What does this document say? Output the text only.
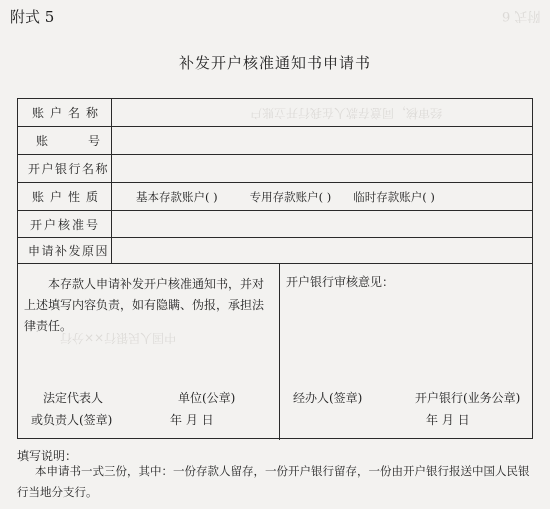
附式 6
经审核，同意存款人在我行开立账户
中国人民银行××分行
附式 5
补发开户核准通知书申请书
账户名称
账号
开户银行名称
账户性质	基本存款账户( )	专用存款账户( ) 临时存款账户( )
开户核准号
申请补发原因
本存款人申请补发开户核准通知书，并对上述填写内容负责，如有隐瞒、伪报，承担法律责任。
法定代表人	单位(公章)
或负责人(签章)	年 月 日
开户银行审核意见：
经办人(签章)	开户银行(业务公章)
年 月 日
填写说明：
本申请书一式三份，其中：一份存款人留存，一份开户银行留存，一份由开户银行报送中国人民银行当地分支行。
